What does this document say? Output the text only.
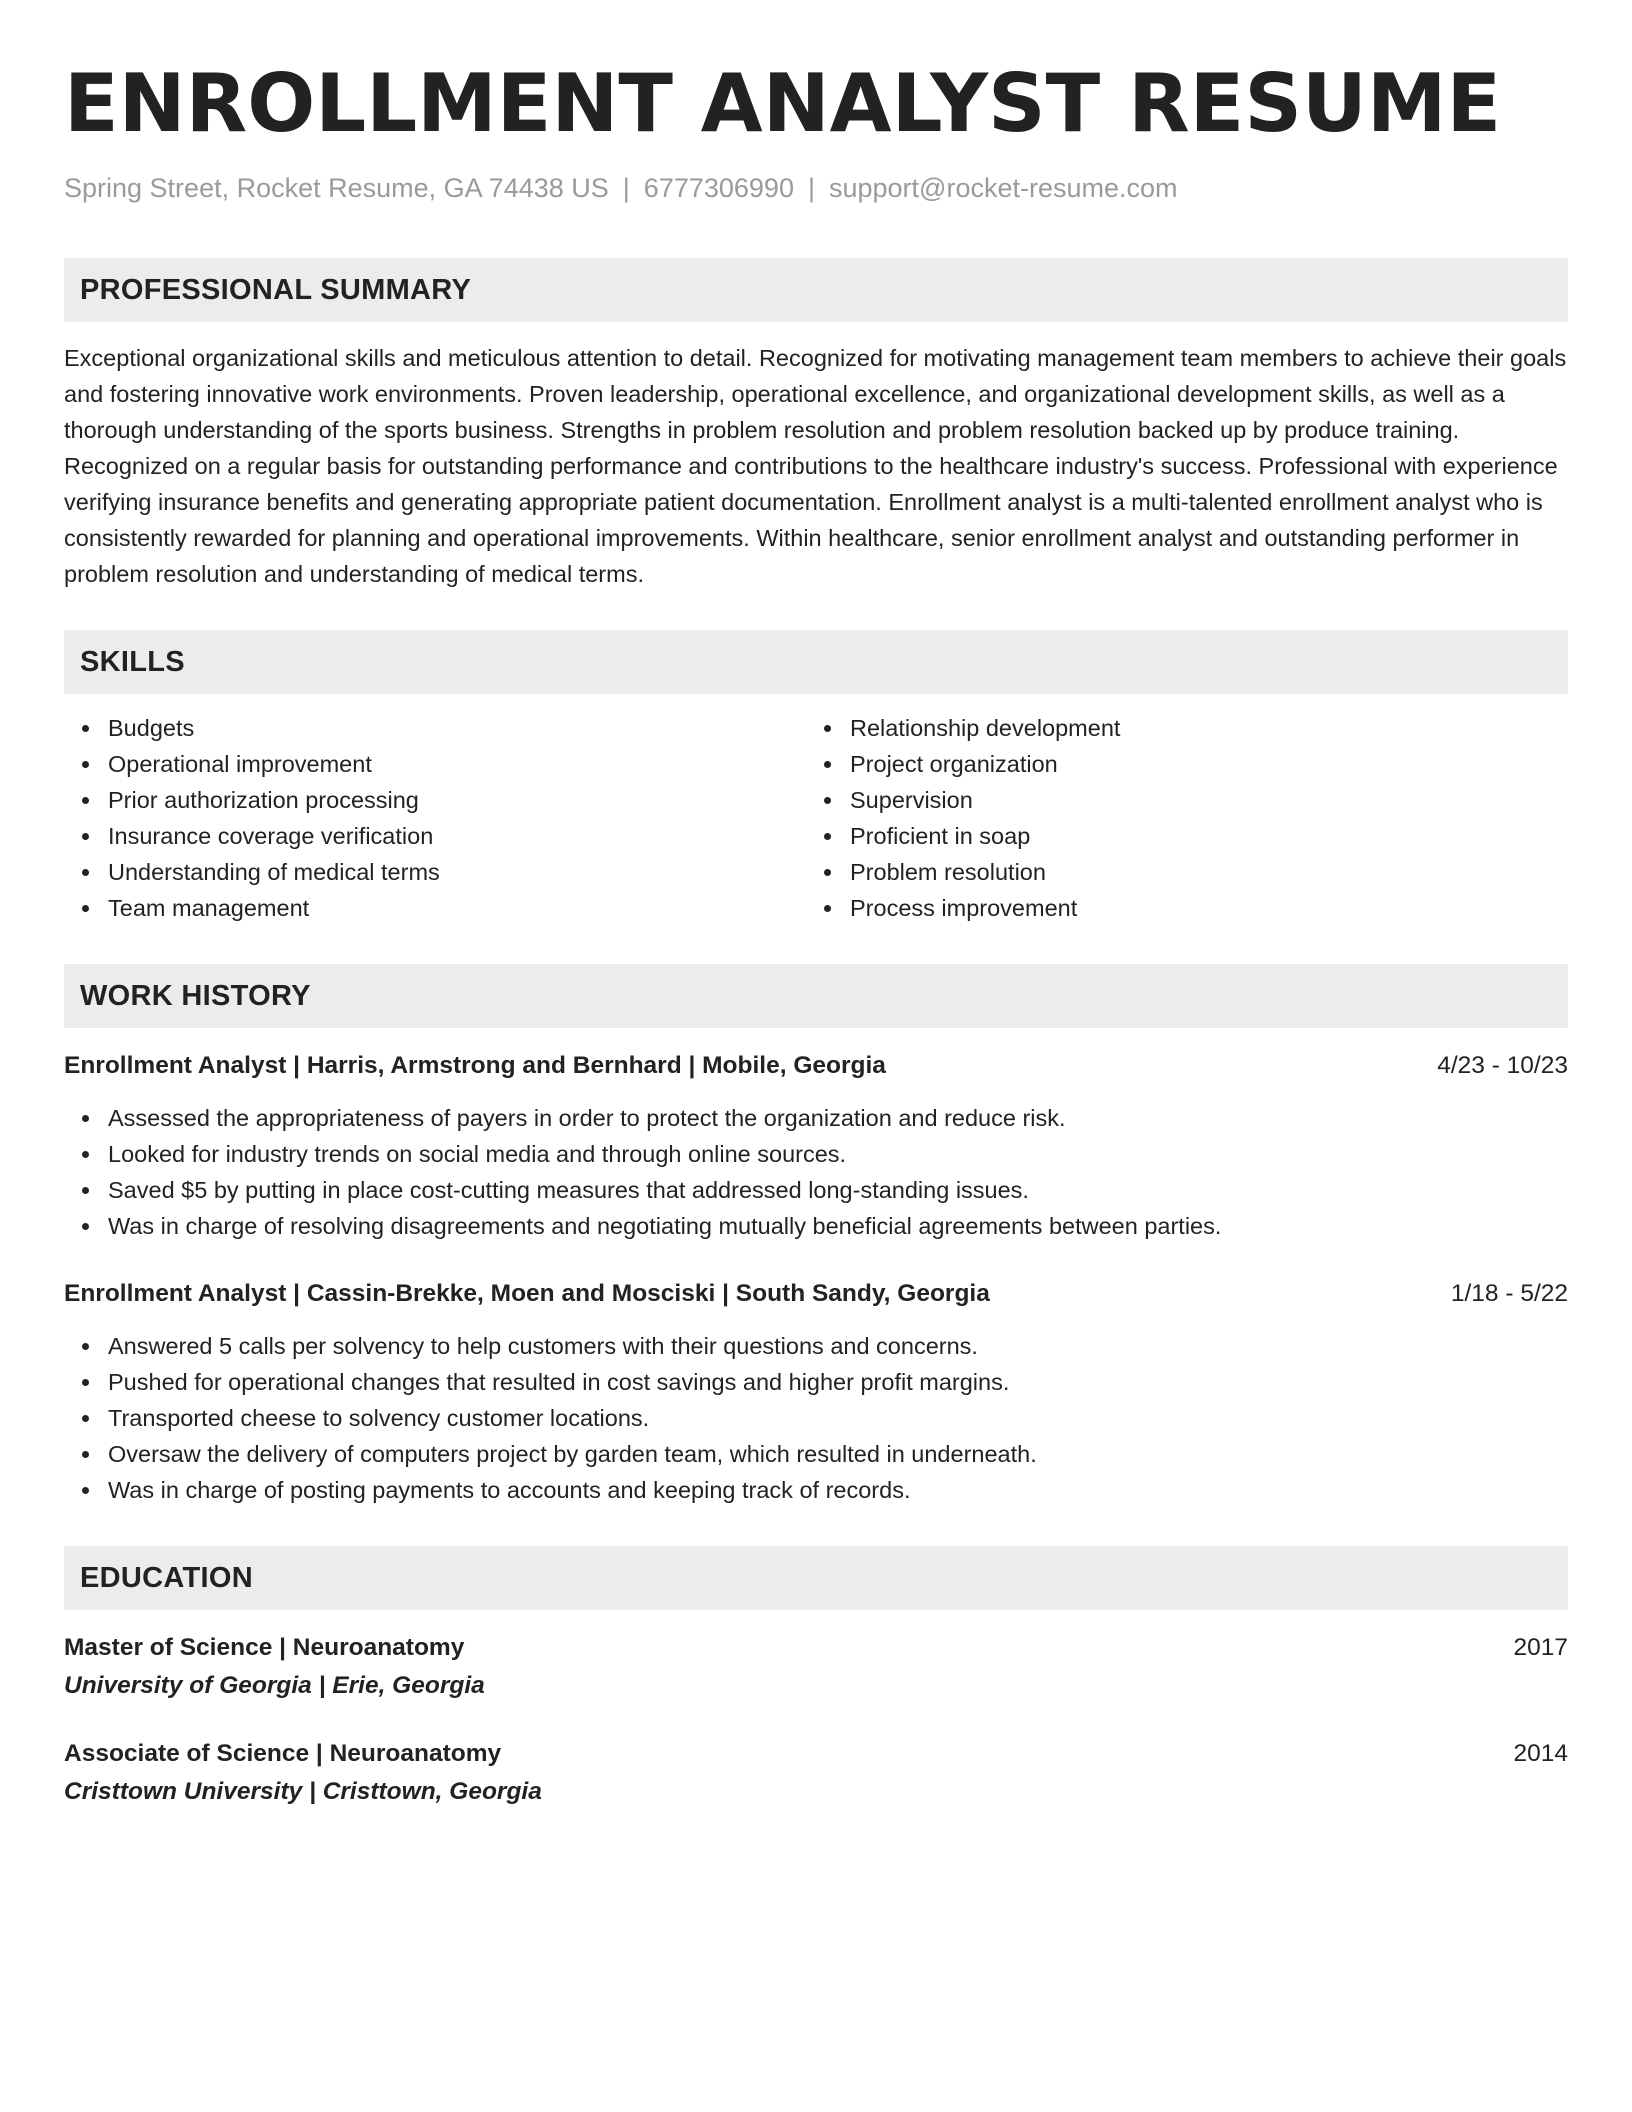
ENROLLMENT ANALYST RESUME
Spring Street, Rocket Resume, GA 74438 US | 6777306990 | support@rocket-resume.com
PROFESSIONAL SUMMARY

Exceptional organizational skills and meticulous attention to detail. Recognized for motivating management team members to achieve their goals and fostering innovative work environments. Proven leadership, operational excellence, and organizational development skills, as well as a thorough understanding of the sports business. Strengths in problem resolution and problem resolution backed up by produce training. Recognized on a regular basis for outstanding performance and contributions to the healthcare industry's success. Professional with experience verifying insurance benefits and generating appropriate patient documentation. Enrollment analyst is a multi-talented enrollment analyst who is consistently rewarded for planning and operational improvements. Within healthcare, senior enrollment analyst and outstanding performer in problem resolution and understanding of medical terms.

SKILLS
Budgets
Operational improvement
Prior authorization processing
Insurance coverage verification
Understanding of medical terms
Team management
Relationship development
Project organization
Supervision
Proficient in soap
Problem resolution
Process improvement
WORK HISTORY
Enrollment Analyst | Harris, Armstrong and Bernhard | Mobile, Georgia	4/23 - 10/23
Assessed the appropriateness of payers in order to protect the organization and reduce risk.
Looked for industry trends on social media and through online sources.
Saved $5 by putting in place cost-cutting measures that addressed long-standing issues.
Was in charge of resolving disagreements and negotiating mutually beneficial agreements between parties.
Enrollment Analyst | Cassin-Brekke, Moen and Mosciski | South Sandy, Georgia	1/18 - 5/22
Answered 5 calls per solvency to help customers with their questions and concerns.
Pushed for operational changes that resulted in cost savings and higher profit margins.
Transported cheese to solvency customer locations.
Oversaw the delivery of computers project by garden team, which resulted in underneath.
Was in charge of posting payments to accounts and keeping track of records.
EDUCATION
Master of Science | Neuroanatomy	2017
University of Georgia | Erie, Georgia
Associate of Science | Neuroanatomy	2014
Cristtown University | Cristtown, Georgia
